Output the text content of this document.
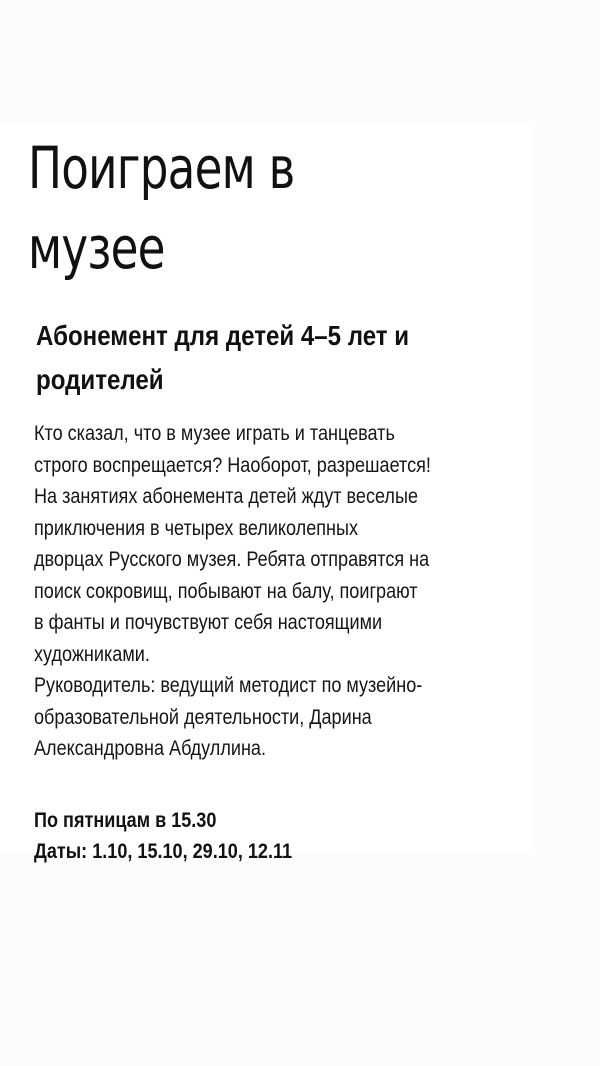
Поиграем в
музее
Абонемент для детей 4–5 лет и
родителей
Кто сказал, что в музее играть и танцевать
строго воспрещается? Наоборот, разрешается!
На занятиях абонемента детей ждут веселые
приключения в четырех великолепных
дворцах Русского музея. Ребята отправятся на
поиск сокровищ, побывают на балу, поиграют
в фанты и почувствуют себя настоящими
художниками.
Руководитель: ведущий методист по музейно-
образовательной деятельности, Дарина
Александровна Абдуллина.
По пятницам в 15.30
Даты: 1.10, 15.10, 29.10, 12.11
